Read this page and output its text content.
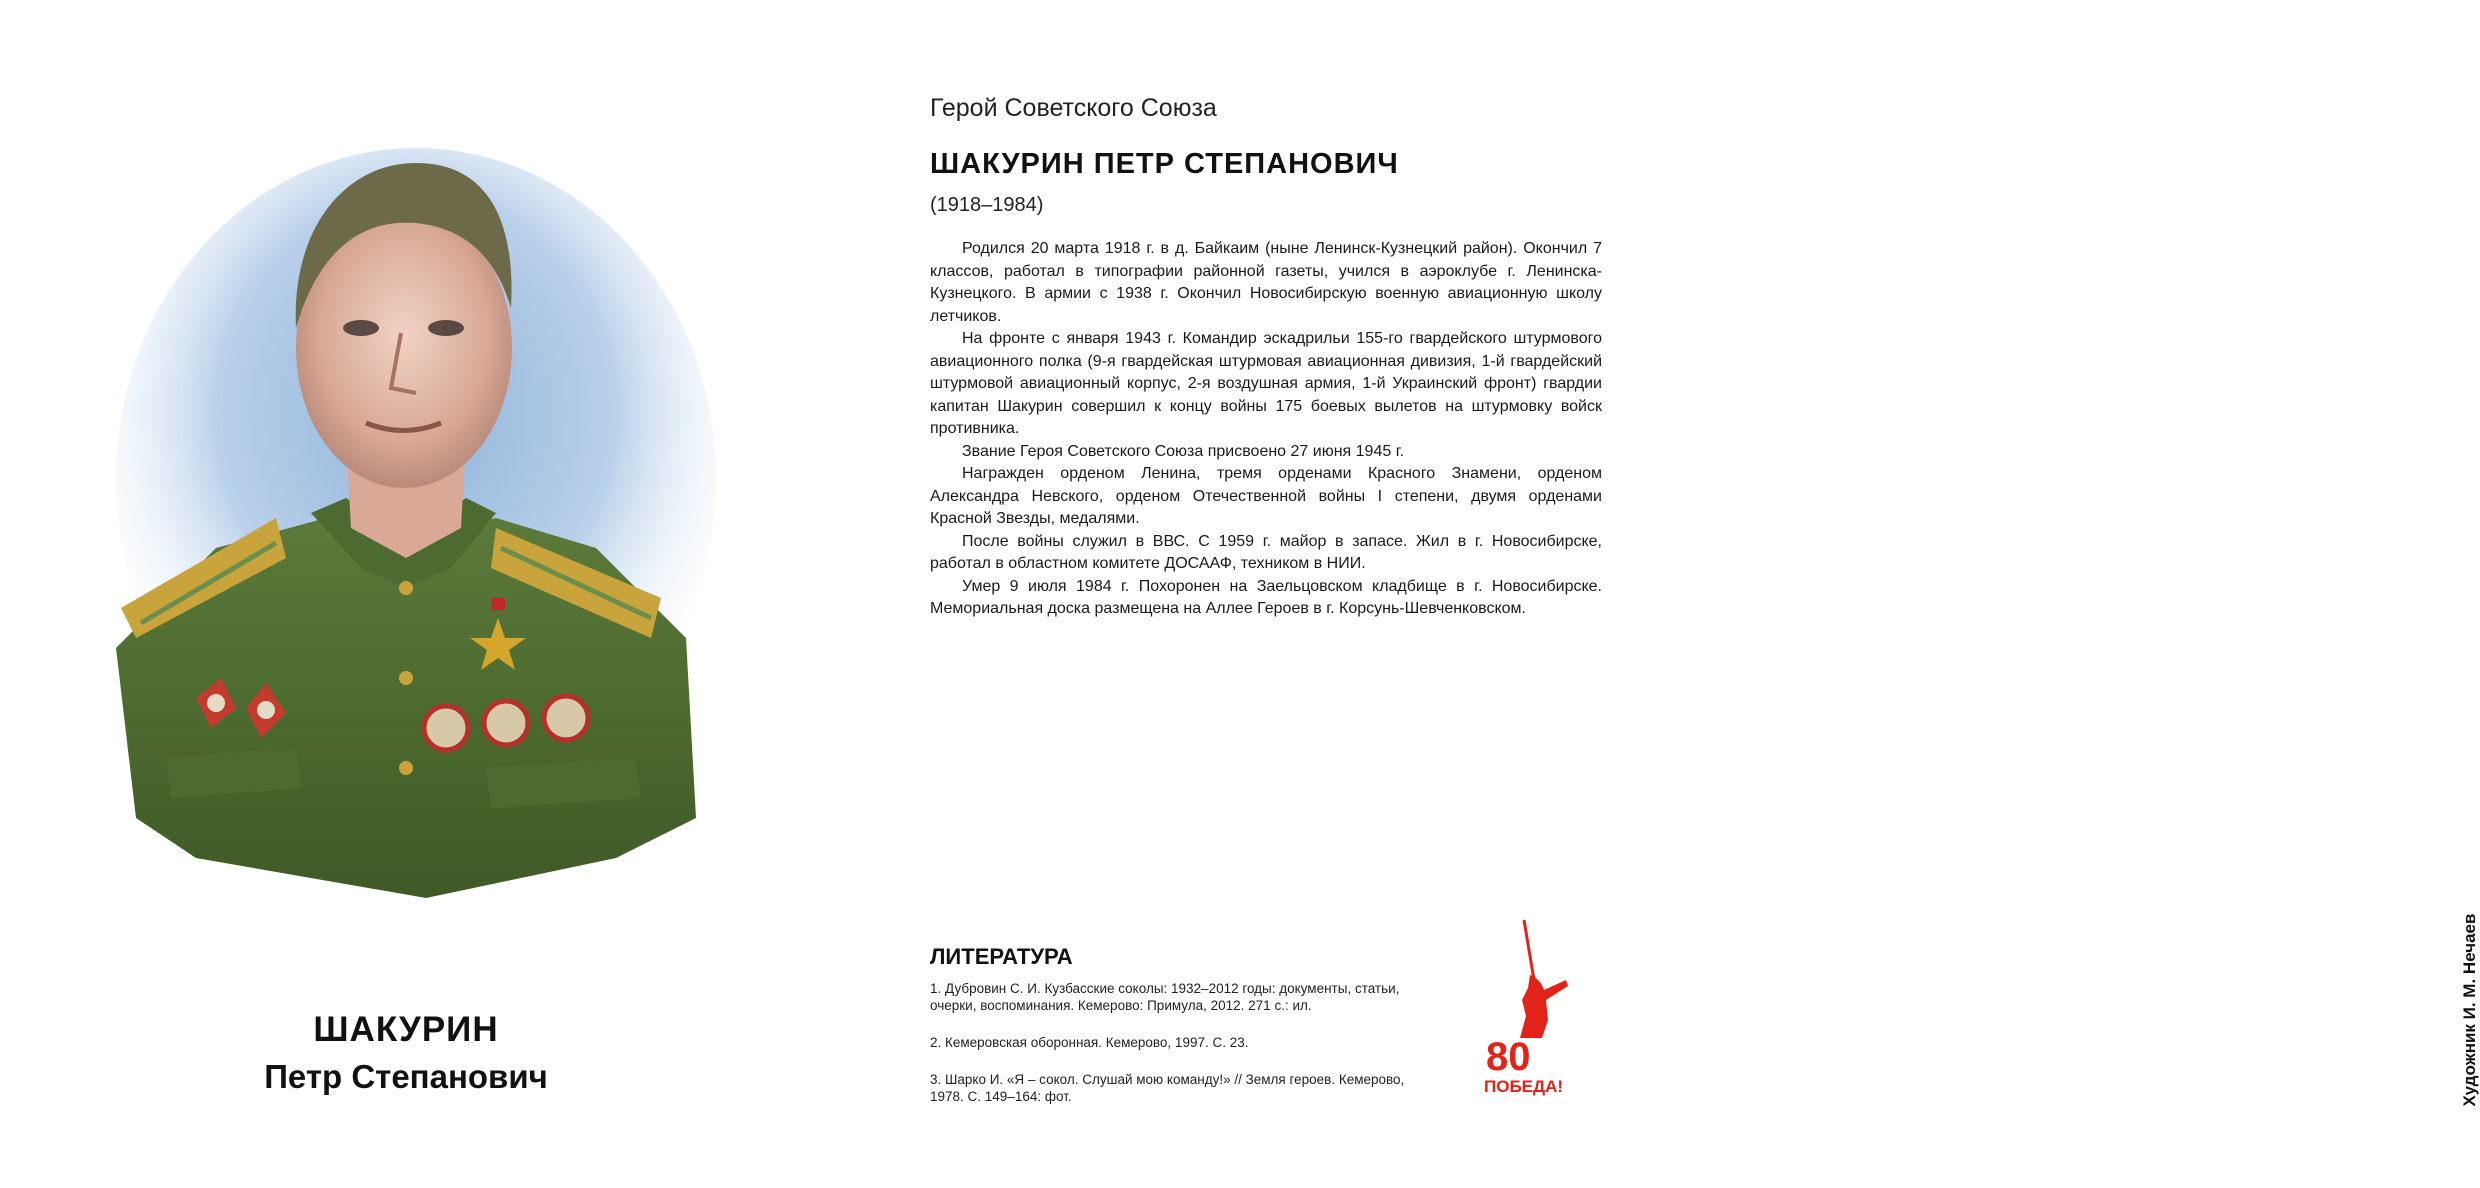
ШАКУРИН
Петр Степанович
Герой Советского Союза
ШАКУРИН ПЕТР СТЕПАНОВИЧ
(1918–1984)

Родился 20 марта 1918 г. в д. Байкаим (ныне Ленинск-Кузнецкий район). Окончил 7 классов, работал в типографии районной газеты, учился в аэроклубе г. Ленинска-Кузнецкого. В армии с 1938 г. Окончил Новосибирскую военную авиационную школу летчиков.

На фронте с января 1943 г. Командир эскадрильи 155-го гвардейского штурмового авиационного полка (9-я гвардейская штурмовая авиационная дивизия, 1-й гвардейский штурмовой авиационный корпус, 2-я воздушная армия, 1-й Украинский фронт) гвардии капитан Шакурин совершил к концу войны 175 боевых вылетов на штурмовку войск противника.

Звание Героя Советского Союза присвоено 27 июня 1945 г.

Награжден орденом Ленина, тремя орденами Красного Знамени, орденом Александра Невского, орденом Отечественной войны I степени, двумя орденами Красной Звезды, медалями.

После войны служил в ВВС. С 1959 г. майор в запасе. Жил в г. Новосибирске, работал в областном комитете ДОСААФ, техником в НИИ.

Умер 9 июля 1984 г. Похоронен на Заельцовском кладбище в г. Новосибирске. Мемориальная доска размещена на Аллее Героев в г. Корсунь-Шевченковском.

ЛИТЕРАТУРА
1. Дубровин С. И. Кузбасские соколы: 1932–2012 годы: документы, статьи, очерки, воспоминания. Кемерово: Примула, 2012. 271 с.: ил.
2. Кемеровская оборонная. Кемерово, 1997. С. 23.
3. Шарко И. «Я – сокол. Слушай мою команду!» // Земля героев. Кемерово, 1978. С. 149–164: фот.	Художник И. М. Нечаев
80
ПОБЕДА!
